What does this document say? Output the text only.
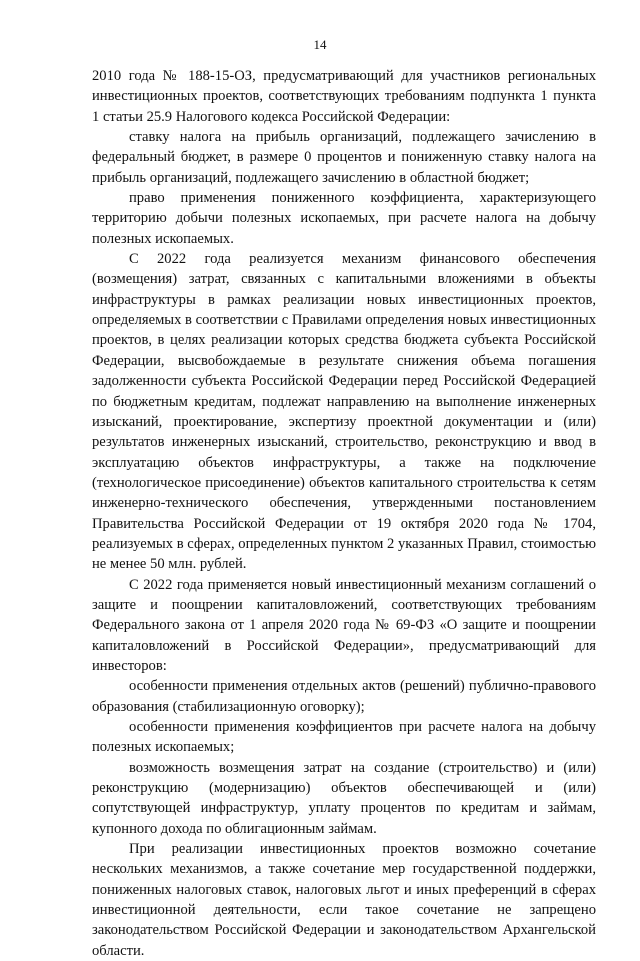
14

2010 года № 188-15-ОЗ, предусматривающий для участников региональных инвестиционных проектов, соответствующих требованиям подпункта 1 пункта 1 статьи 25.9 Налогового кодекса Российской Федерации:

ставку налога на прибыль организаций, подлежащего зачислению в федеральный бюджет, в размере 0 процентов и пониженную ставку налога на прибыль организаций, подлежащего зачислению в областной бюджет;

право применения пониженного коэффициента, характеризующего территорию добычи полезных ископаемых, при расчете налога на добычу полезных ископаемых.

С 2022 года реализуется механизм финансового обеспечения (возмещения) затрат, связанных с капитальными вложениями в объекты инфраструктуры в рамках реализации новых инвестиционных проектов, определяемых в соответствии с Правилами определения новых инвестиционных проектов, в целях реализации которых средства бюджета субъекта Российской Федерации, высвобождаемые в результате снижения объема погашения задолженности субъекта Российской Федерации перед Российской Федерацией по бюджетным кредитам, подлежат направлению на выполнение инженерных изысканий, проектирование, экспертизу проектной документации и (или) результатов инженерных изысканий, строительство, реконструкцию и ввод в эксплуатацию объектов инфраструктуры, а также на подключение (технологическое присоединение) объектов капитального строительства к сетям инженерно-технического обеспечения, утвержденными постановлением Правительства Российской Федерации от 19 октября 2020 года № 1704, реализуемых в сферах, определенных пунктом 2 указанных Правил, стоимостью не менее 50 млн. рублей.

С 2022 года применяется новый инвестиционный механизм соглашений о защите и поощрении капиталовложений, соответствующих требованиям Федерального закона от 1 апреля 2020 года № 69-ФЗ «О защите и поощрении капиталовложений в Российской Федерации», предусматривающий для инвесторов:

особенности применения отдельных актов (решений) публично-правового образования (стабилизационную оговорку);

особенности применения коэффициентов при расчете налога на добычу полезных ископаемых;

возможность возмещения затрат на создание (строительство) и (или) реконструкцию (модернизацию) объектов обеспечивающей и (или) сопутствующей инфраструктур, уплату процентов по кредитам и займам, купонного дохода по облигационным займам.

При реализации инвестиционных проектов возможно сочетание нескольких механизмов, а также сочетание мер государственной поддержки, пониженных налоговых ставок, налоговых льгот и иных преференций в сферах инвестиционной деятельности, если такое сочетание не запрещено законодательством Российской Федерации и законодательством Архангельской области.
